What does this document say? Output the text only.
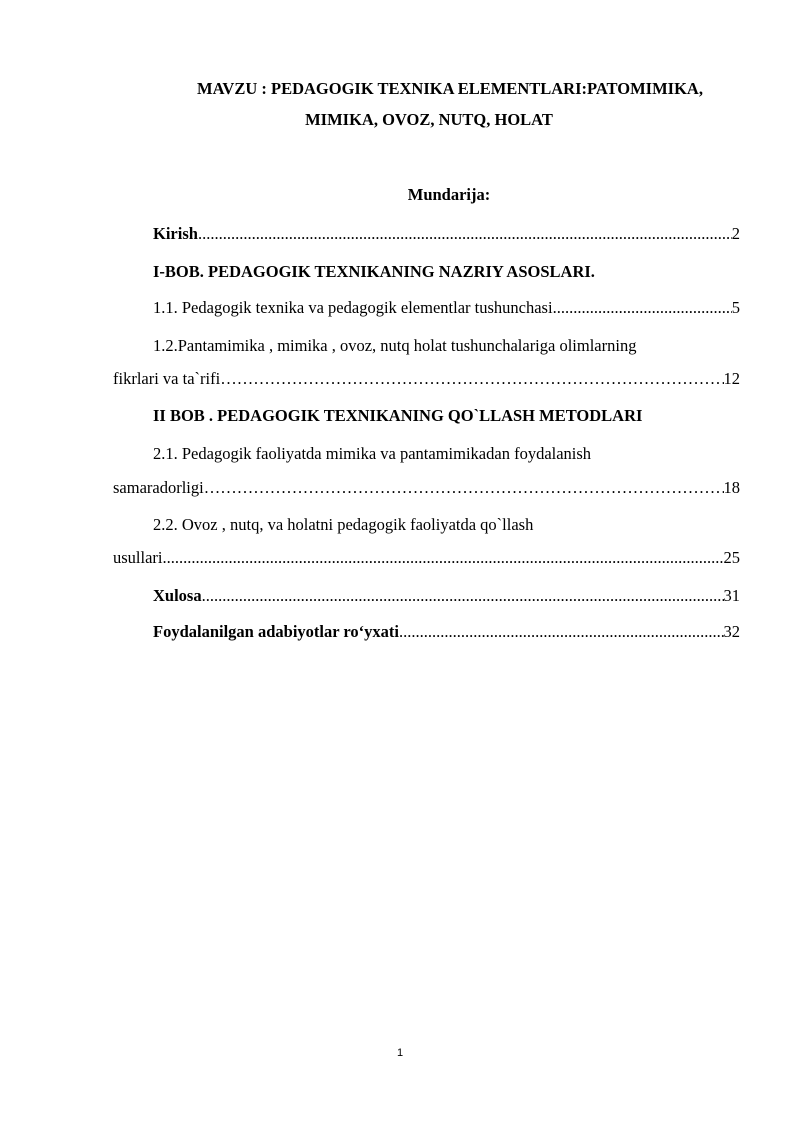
MAVZU : PEDAGOGIK TEXNIKA ELEMENTLARI:PATOMIMIKA,
MIMIKA, OVOZ, NUTQ, HOLAT
Mundarija:
Kirish .....	2
I-BOB. PEDAGOGIK TEXNIKANING NAZRIY ASOSLARI.
1.1. Pedagogik texnika va pedagogik elementlar tushunchasi .....	5
1.2.Pantamimika , mimika , ovoz, nutq holat tushunchalariga olimlarning
fikrlari va ta`rifi …………………………………………………………………………………………………………………………………………………	12
II BOB . PEDAGOGIK TEXNIKANING QO`LLASH METODLARI
2.1. Pedagogik faoliyatda mimika va pantamimikadan foydalanish
samaradorligi …………………………………………………………………………………………………………………………………………………	18
2.2. Ovoz , nutq, va holatni pedagogik faoliyatda qo`llash
usullari .....	25
Xulosa .....	31
Foydalanilgan adabiyotlar ro‘yxati .....	32
1
